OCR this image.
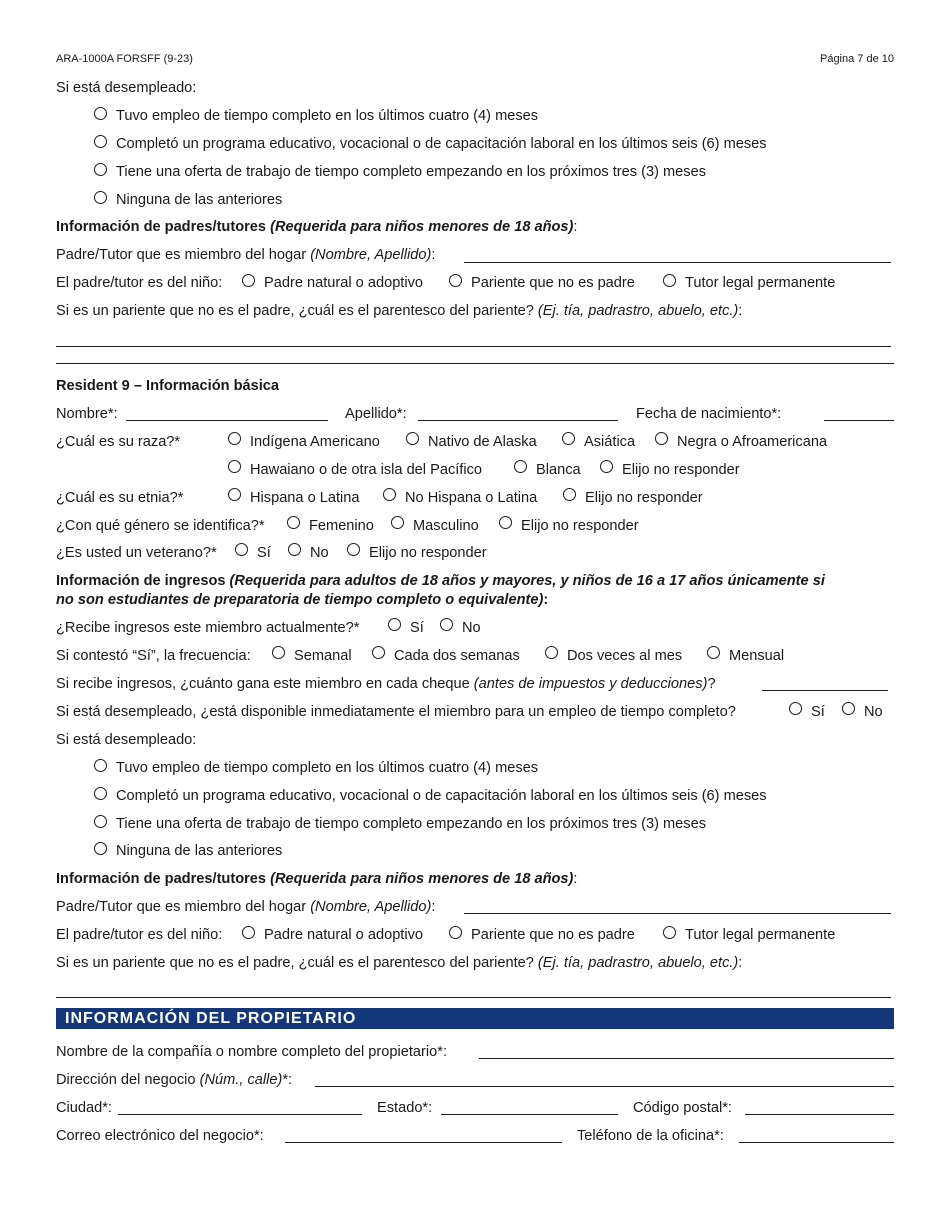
ARA-1000A FORSFF (9-23)	Página 7 de 10
Si está desempleado:
Tuvo empleo de tiempo completo en los últimos cuatro (4) meses
Completó un programa educativo, vocacional o de capacitación laboral en los últimos seis (6) meses
Tiene una oferta de trabajo de tiempo completo empezando en los próximos tres (3) meses
Ninguna de las anteriores
Información de padres/tutores (Requerida para niños menores de 18 años):
Padre/Tutor que es miembro del hogar (Nombre, Apellido):
El padre/tutor es del niño:	Padre natural o adoptivo	Pariente que no es padre	Tutor legal permanente
Si es un pariente que no es el padre, ¿cuál es el parentesco del pariente? (Ej. tía, padrastro, abuelo, etc.):
Resident 9 – Información básica
Nombre*:	Apellido*:	Fecha de nacimiento*:
¿Cuál es su raza?*	Indígena Americano	Nativo de Alaska	Asiática	Negra o Afroamericana
Hawaiano o de otra isla del Pacífico	Blanca	Elijo no responder
¿Cuál es su etnia?*	Hispana o Latina	No Hispana o Latina	Elijo no responder
¿Con qué género se identifica?*	Femenino	Masculino	Elijo no responder
¿Es usted un veterano?*	Sí	No	Elijo no responder
Información de ingresos (Requerida para adultos de 18 años y mayores, y niños de 16 a 17 años únicamente si
no son estudiantes de preparatoria de tiempo completo o equivalente):
¿Recibe ingresos este miembro actualmente?*	Sí	No
Si contestó “Sí”, la frecuencia:	Semanal	Cada dos semanas	Dos veces al mes	Mensual
Si recibe ingresos, ¿cuánto gana este miembro en cada cheque (antes de impuestos y deducciones)?
Si está desempleado, ¿está disponible inmediatamente el miembro para un empleo de tiempo completo?	Sí	No
Si está desempleado:
Tuvo empleo de tiempo completo en los últimos cuatro (4) meses
Completó un programa educativo, vocacional o de capacitación laboral en los últimos seis (6) meses
Tiene una oferta de trabajo de tiempo completo empezando en los próximos tres (3) meses
Ninguna de las anteriores
Información de padres/tutores (Requerida para niños menores de 18 años):
Padre/Tutor que es miembro del hogar (Nombre, Apellido):
El padre/tutor es del niño:	Padre natural o adoptivo	Pariente que no es padre	Tutor legal permanente
Si es un pariente que no es el padre, ¿cuál es el parentesco del pariente? (Ej. tía, padrastro, abuelo, etc.):
INFORMACIÓN DEL PROPIETARIO
Nombre de la compañía o nombre completo del propietario*:
Dirección del negocio (Núm., calle)*:
Ciudad*:	Estado*:	Código postal*:
Correo electrónico del negocio*:	Teléfono de la oficina*:
